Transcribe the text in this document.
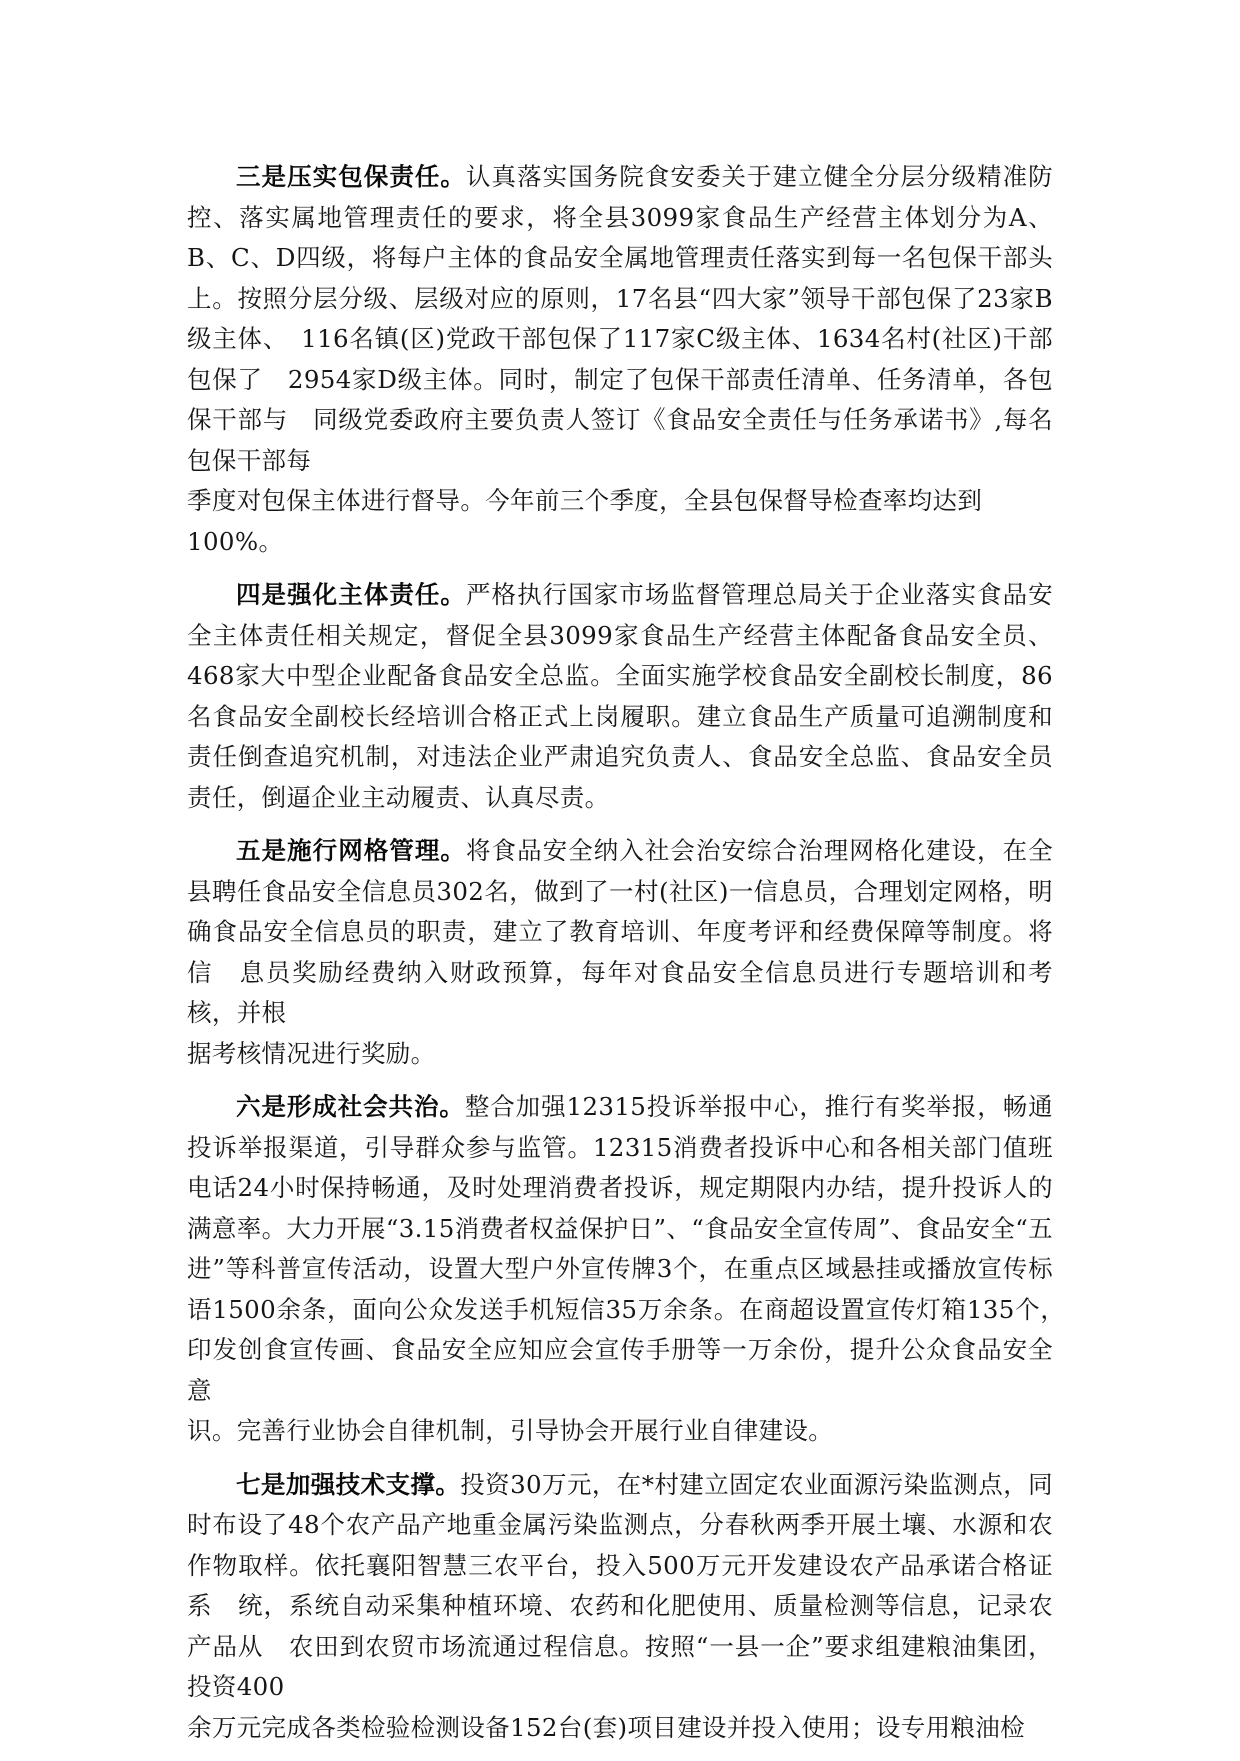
三是压实包保责任。认真落实国务院食安委关于建立健全分层分级精准防控、落实属地管理责任的要求，将全县3099家食品生产经营主体划分为A、B、C、D四级，将每户主体的食品安全属地管理责任落实到每一名包保干部头上。按照分层分级、层级对应的原则，17名县“四大家”领导干部包保了23家B级主体、　116名镇(区)党政干部包保了117家C级主体、1634名村(社区)干部包保了　2954家D级主体。同时，制定了包保干部责任清单、任务清单，各包保干部与　同级党委政府主要负责人签订《食品安全责任与任务承诺书》,每名包保干部每

季度对包保主体进行督导。今年前三个季度，全县包保督导检查率均达到100%。

四是强化主体责任。严格执行国家市场监督管理总局关于企业落实食品安全主体责任相关规定，督促全县3099家食品生产经营主体配备食品安全员、468家大中型企业配备食品安全总监。全面实施学校食品安全副校长制度，86名食品安全副校长经培训合格正式上岗履职。建立食品生产质量可追溯制度和责任倒查追究机制，对违法企业严肃追究负责人、食品安全总监、食品安全员责任，倒逼企业主动履责、认真尽责。

五是施行网格管理。将食品安全纳入社会治安综合治理网格化建设，在全县聘任食品安全信息员302名，做到了一村(社区)一信息员，合理划定网格，明　确食品安全信息员的职责，建立了教育培训、年度考评和经费保障等制度。将信　息员奖励经费纳入财政预算，每年对食品安全信息员进行专题培训和考核，并根

据考核情况进行奖励。

六是形成社会共治。整合加强12315投诉举报中心，推行有奖举报，畅通投诉举报渠道，引导群众参与监管。12315消费者投诉中心和各相关部门值班电话24小时保持畅通，及时处理消费者投诉，规定期限内办结，提升投诉人的满意率。大力开展“3.15消费者权益保护日”、“食品安全宣传周”、食品安全“五进”等科普宣传活动，设置大型户外宣传牌3个，在重点区域悬挂或播放宣传标　语1500余条，面向公众发送手机短信35万余条。在商超设置宣传灯箱135个，　印发创食宣传画、食品安全应知应会宣传手册等一万余份，提升公众食品安全意

识。完善行业协会自律机制，引导协会开展行业自律建设。

七是加强技术支撑。投资30万元，在*村建立固定农业面源污染监测点，同　时布设了48个农产品产地重金属污染监测点，分春秋两季开展土壤、水源和农　作物取样。依托襄阳智慧三农平台，投入500万元开发建设农产品承诺合格证系　统，系统自动采集种植环境、农药和化肥使用、质量检测等信息，记录农产品从　农田到农贸市场流通过程信息。按照“一县一企”要求组建粮油集团，投资400

余万元完成各类检验检测设备152台(套)项目建设并投入使用；设专用粮油检
